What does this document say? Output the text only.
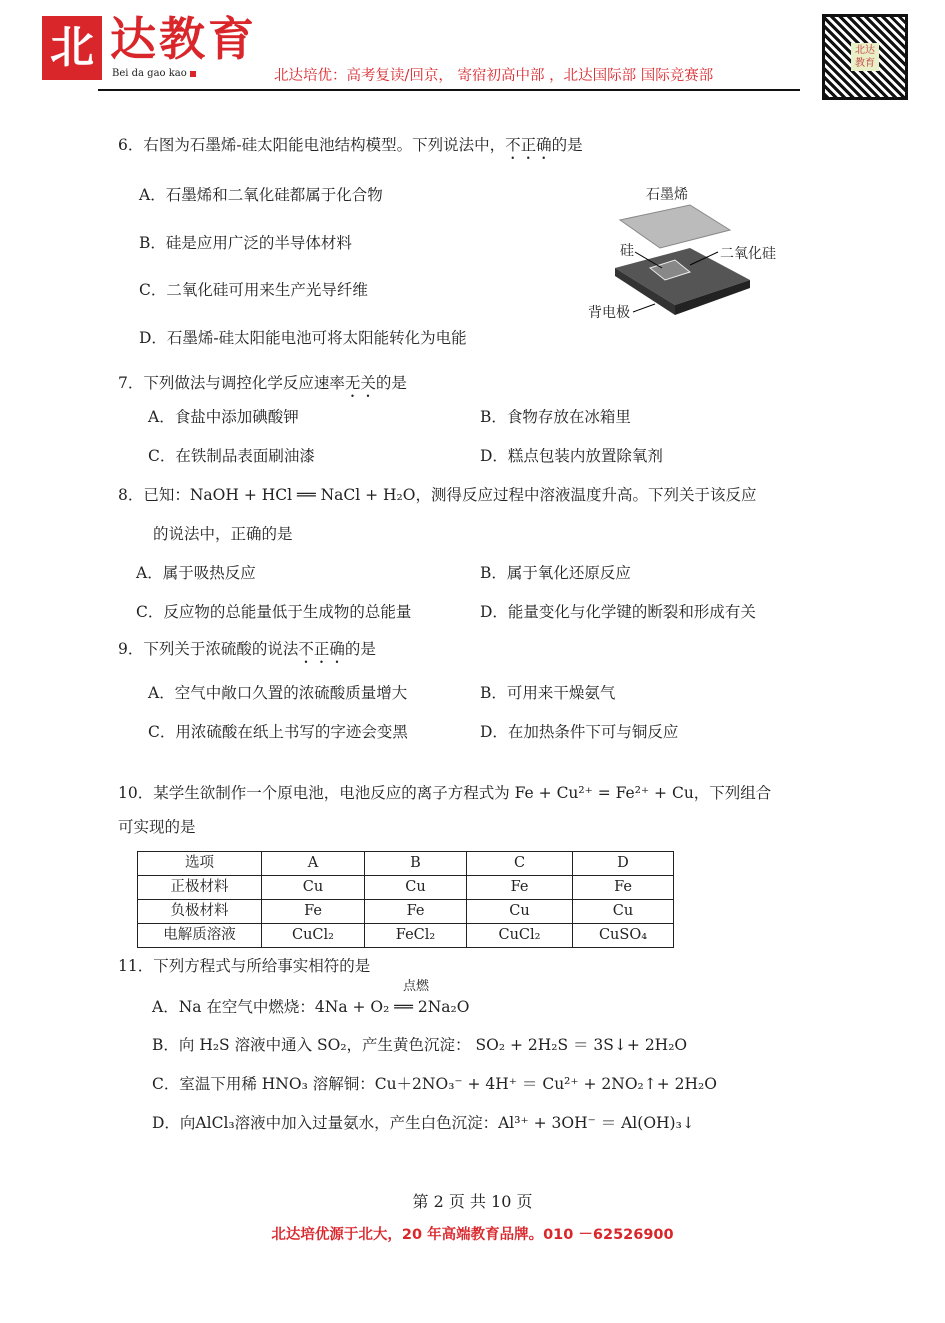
北 达教育
Bei da gao kao	北达培优：高考复读/回京， 寄宿初高中部 ，北达国际部 国际竞赛部
北达教育
6．右图为石墨烯-硅太阳能电池结构模型。下列说法中，不正确的是
A．石墨烯和二氧化硅都属于化合物
B．硅是应用广泛的半导体材料
C．二氧化硅可用来生产光导纤维
D．石墨烯-硅太阳能电池可将太阳能转化为电能
石墨烯
硅	二氧化硅
背电极
7．下列做法与调控化学反应速率无关的是
A．食盐中添加碘酸钾	B．食物存放在冰箱里
C．在铁制品表面刷油漆	D．糕点包装内放置除氧剂
8．已知：NaOH + HCl ══ NaCl + H₂O，测得反应过程中溶液温度升高。下列关于该反应
的说法中，正确的是
A．属于吸热反应	B．属于氧化还原反应
C．反应物的总能量低于生成物的总能量	D．能量变化与化学键的断裂和形成有关
9．下列关于浓硫酸的说法不正确的是
A．空气中敞口久置的浓硫酸质量增大	B．可用来干燥氨气
C．用浓硫酸在纸上书写的字迹会变黑	D．在加热条件下可与铜反应
10．某学生欲制作一个原电池，电池反应的离子方程式为 Fe + Cu²⁺ = Fe²⁺ + Cu，下列组合
可实现的是
选项	A	B	C	D
正极材料	Cu	Cu	Fe	Fe
负极材料	Fe	Fe	Cu	Cu
电解质溶液	CuCl₂	FeCl₂	CuCl₂	CuSO₄
11．下列方程式与所给事实相符的是
点燃
A．Na 在空气中燃烧：4Na + O₂ ══ 2Na₂O
B．向 H₂S 溶液中通入 SO₂，产生黄色沉淀： SO₂ + 2H₂S ＝ 3S↓+ 2H₂O
C．室温下用稀 HNO₃ 溶解铜：Cu＋2NO₃⁻ + 4H⁺ ＝ Cu²⁺ + 2NO₂↑+ 2H₂O
D．向AlCl₃溶液中加入过量氨水，产生白色沉淀：Al³⁺ + 3OH⁻ ＝ Al(OH)₃↓
第 2 页 共 10 页
北达培优源于北大，20 年高端教育品牌。010 －62526900
